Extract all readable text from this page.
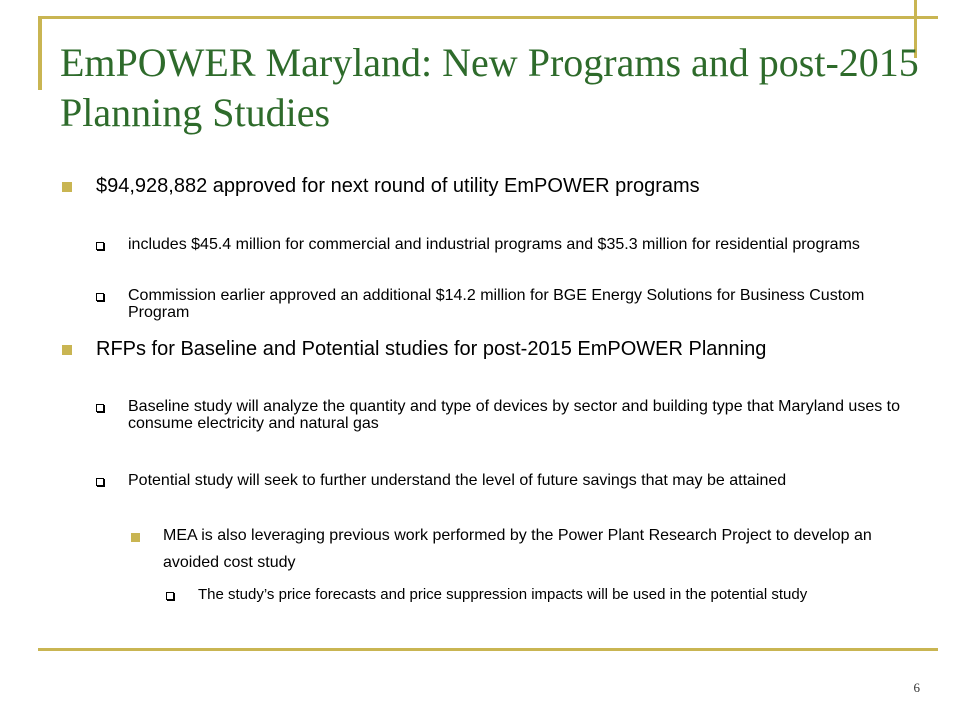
EmPOWER Maryland: New Programs and post-2015 Planning Studies
$94,928,882 approved for next round of utility EmPOWER programs
includes $45.4 million for commercial and industrial programs and $35.3 million for residential programs
Commission earlier approved an additional $14.2 million for BGE Energy Solutions for Business Custom Program
RFPs for Baseline and Potential studies for post-2015 EmPOWER Planning
Baseline study will analyze the quantity and type of devices by sector and building type that Maryland uses to consume electricity and natural gas
Potential study will seek to further understand the level of future savings that may be attained
MEA is also leveraging previous work performed by the Power Plant Research Project to develop an avoided cost study
The study’s price forecasts and price suppression impacts will be used in the potential study
6
